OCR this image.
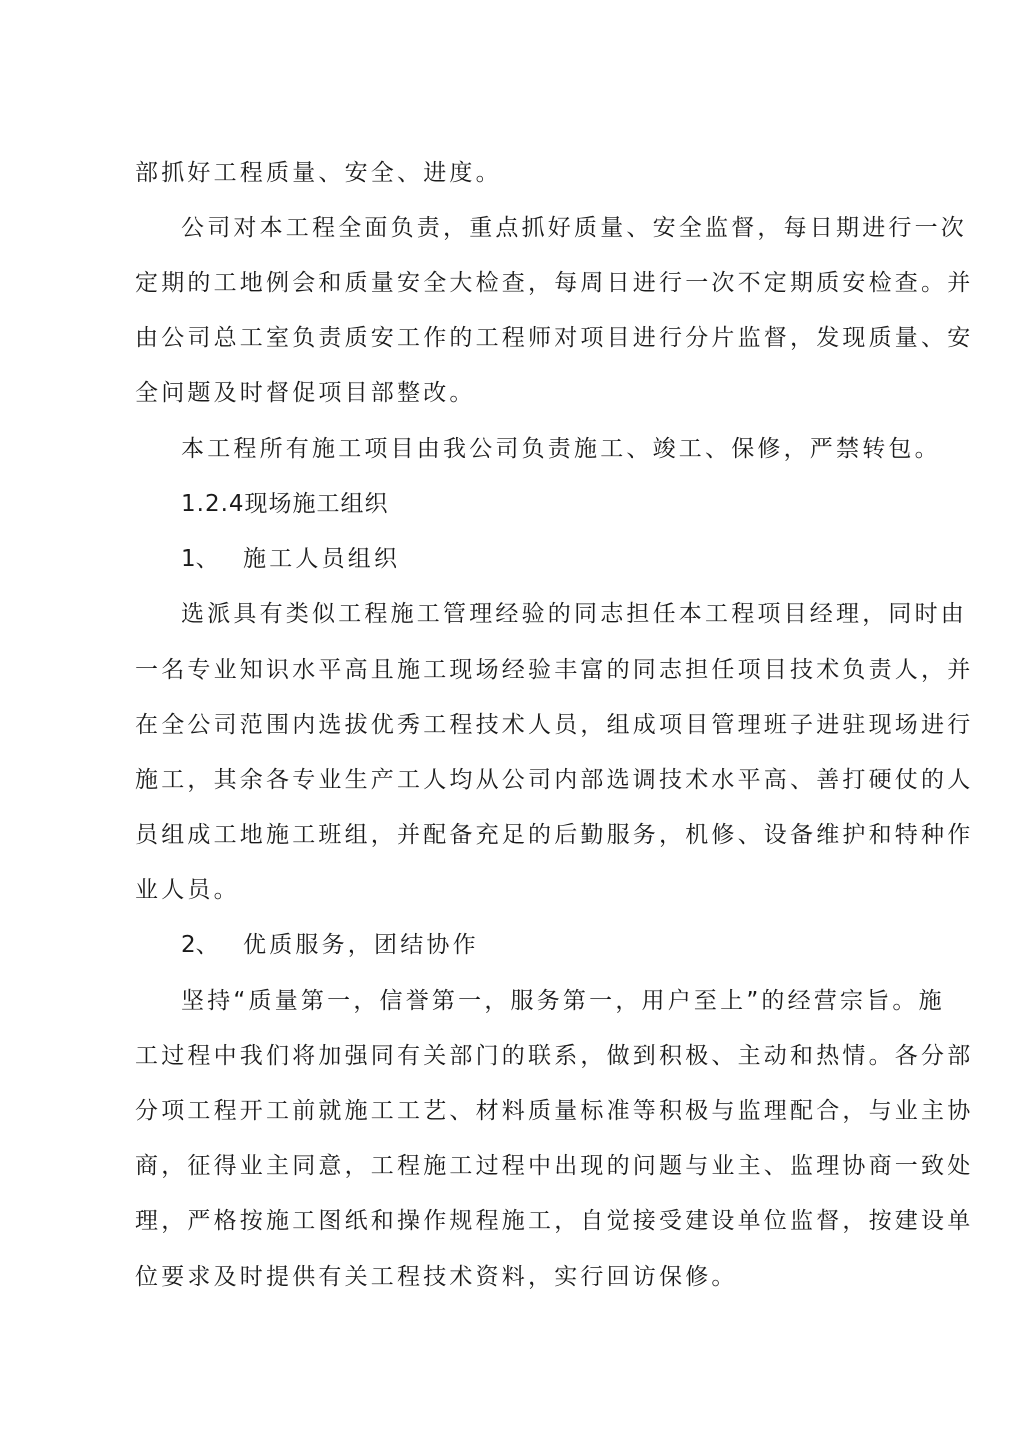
部抓好工程质量、安全、进度。
公司对本工程全面负责，重点抓好质量、安全监督，每日期进行一次
定期的工地例会和质量安全大检查，每周日进行一次不定期质安检查。并
由公司总工室负责质安工作的工程师对项目进行分片监督，发现质量、安
全问题及时督促项目部整改。
本工程所有施工项目由我公司负责施工、竣工、保修，严禁转包。
1.2.4现场施工组织
1、 施工人员组织
选派具有类似工程施工管理经验的同志担任本工程项目经理，同时由
一名专业知识水平高且施工现场经验丰富的同志担任项目技术负责人，并
在全公司范围内选拔优秀工程技术人员，组成项目管理班子进驻现场进行
施工，其余各专业生产工人均从公司内部选调技术水平高、善打硬仗的人
员组成工地施工班组，并配备充足的后勤服务，机修、设备维护和特种作
业人员。
2、 优质服务，团结协作
坚持“质量第一，信誉第一，服务第一，用户至上”的经营宗旨。施
工过程中我们将加强同有关部门的联系，做到积极、主动和热情。各分部
分项工程开工前就施工工艺、材料质量标准等积极与监理配合，与业主协
商，征得业主同意，工程施工过程中出现的问题与业主、监理协商一致处
理，严格按施工图纸和操作规程施工，自觉接受建设单位监督，按建设单
位要求及时提供有关工程技术资料，实行回访保修。
